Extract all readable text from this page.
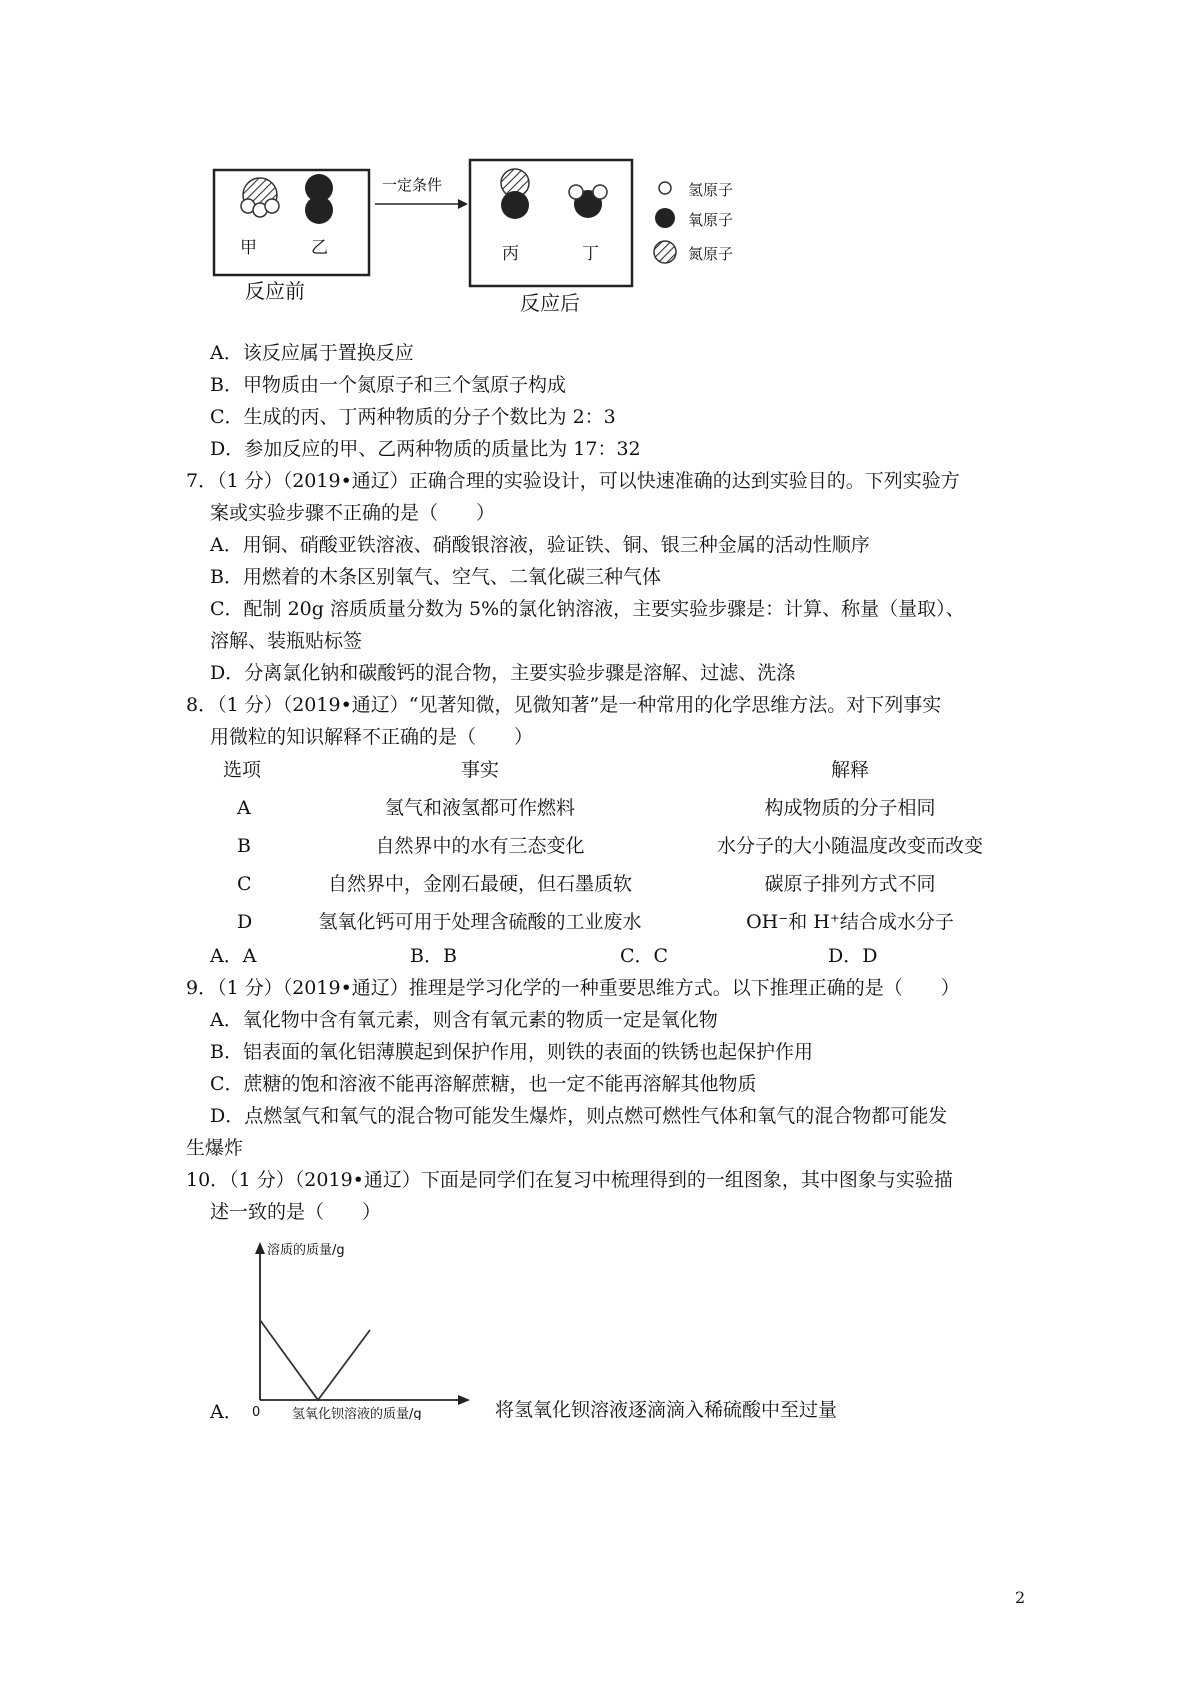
甲	乙
反应前
一定条件
丙	丁
反应后
氢原子
氧原子
氮原子
A．该反应属于置换反应
B．甲物质由一个氮原子和三个氢原子构成
C．生成的丙、丁两种物质的分子个数比为 2：3
D．参加反应的甲、乙两种物质的质量比为 17：32
7．（1 分）（2019•通辽）正确合理的实验设计，可以快速准确的达到实验目的。下列实验方
案或实验步骤不正确的是（　　）
A．用铜、硝酸亚铁溶液、硝酸银溶液，验证铁、铜、银三种金属的活动性顺序
B．用燃着的木条区别氧气、空气、二氧化碳三种气体
C．配制 20g 溶质质量分数为 5%的氯化钠溶液，主要实验步骤是：计算、称量（量取）、
溶解、装瓶贴标签
D．分离氯化钠和碳酸钙的混合物，主要实验步骤是溶解、过滤、洗涤
8．（1 分）（2019•通辽）“见著知微，见微知著”是一种常用的化学思维方法。对下列事实
用微粒的知识解释不正确的是（　　）
选项	事实	解释
A	氢气和液氢都可作燃料	构成物质的分子相同
B	自然界中的水有三态变化	水分子的大小随温度改变而改变
C	自然界中，金刚石最硬，但石墨质软	碳原子排列方式不同
D	氢氧化钙可用于处理含硫酸的工业废水	OH⁻和 H⁺结合成水分子
A．A	B．B	C．C	D．D
9．（1 分）（2019•通辽）推理是学习化学的一种重要思维方式。以下推理正确的是（　　）
A．氧化物中含有氧元素，则含有氧元素的物质一定是氧化物
B．铝表面的氧化铝薄膜起到保护作用，则铁的表面的铁锈也起保护作用
C．蔗糖的饱和溶液不能再溶解蔗糖，也一定不能再溶解其他物质
D．点燃氢气和氧气的混合物可能发生爆炸，则点燃可燃性气体和氧气的混合物都可能发
生爆炸
10．（1 分）（2019•通辽）下面是同学们在复习中梳理得到的一组图象，其中图象与实验描
述一致的是（　　）
溶质的质量/g
0 氢氧化钡溶液的质量/g
A．	将氢氧化钡溶液逐滴滴入稀硫酸中至过量
2
